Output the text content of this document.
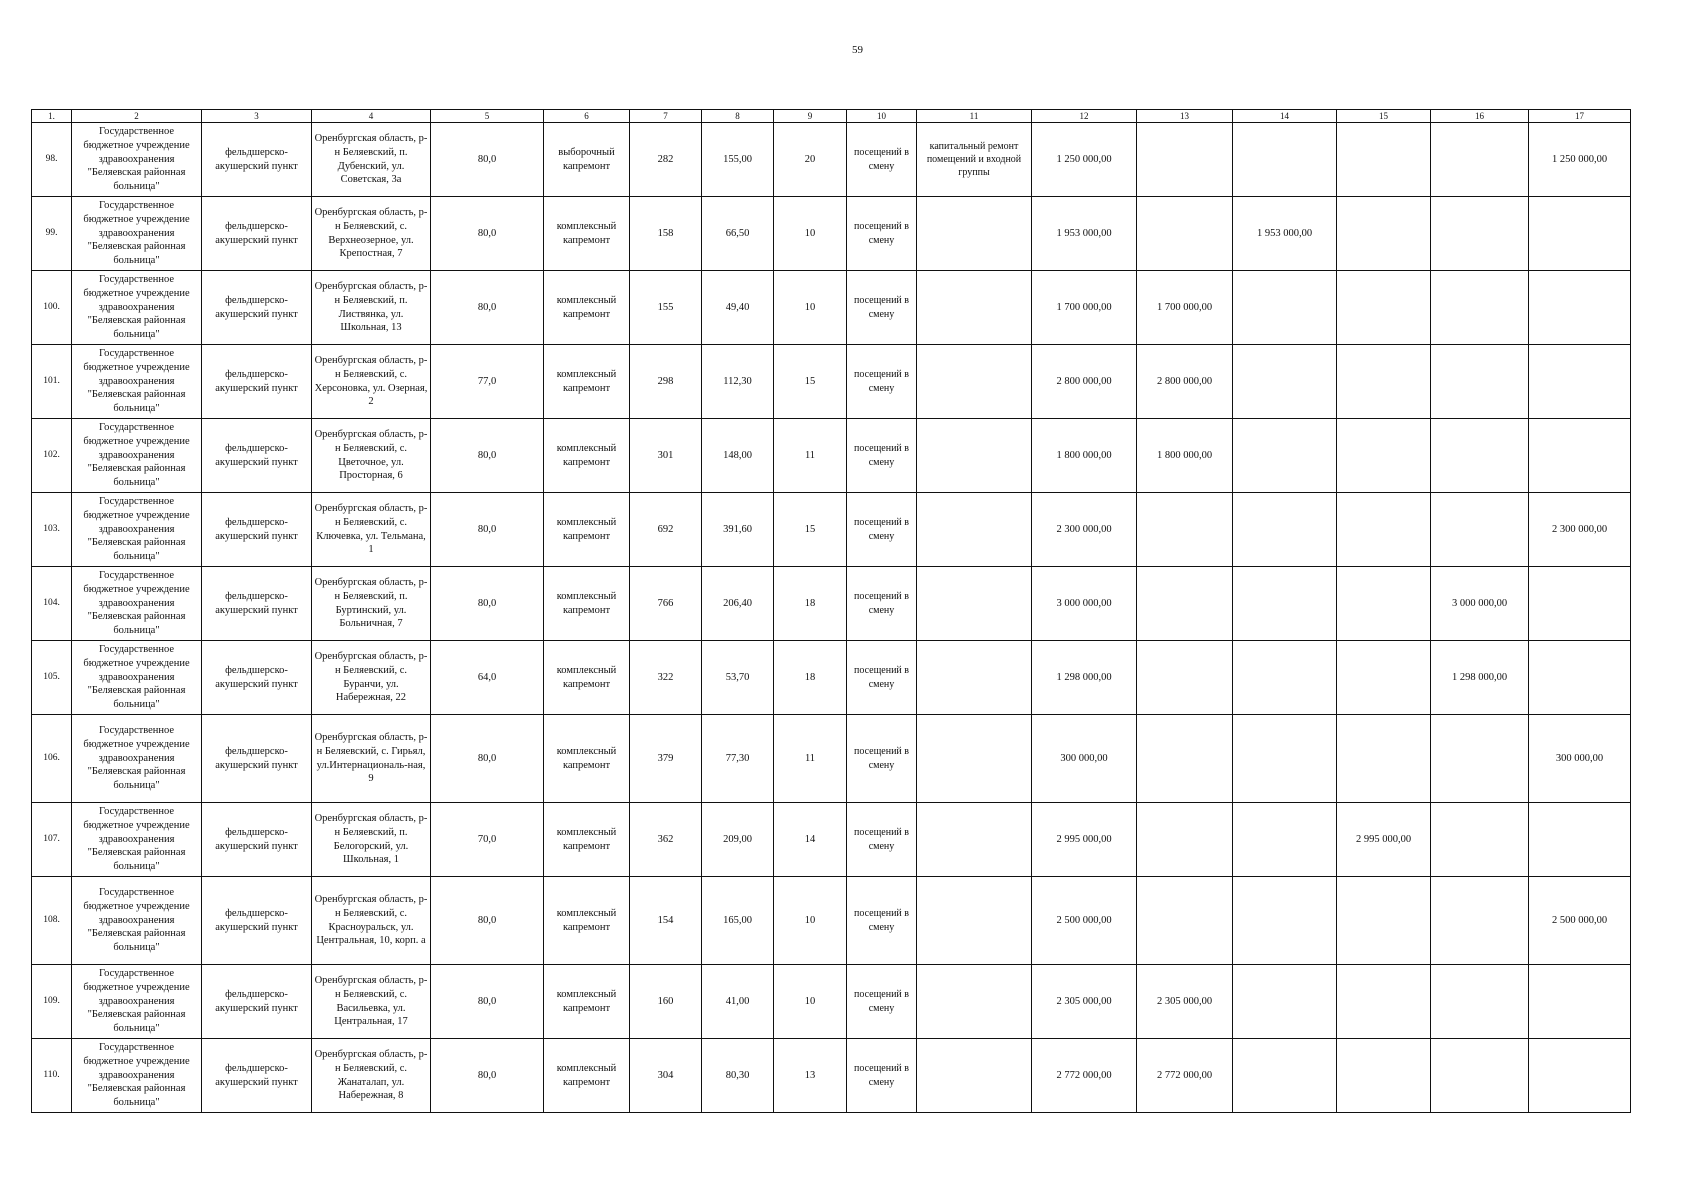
59
1.	2	3	4	5	6	7	8	9	10	11	12	13	14	15	16	17
98.	Государственное бюджетное учреждение здравоохранения "Беляевская районная больница"	фельдшерско-акушерский пункт	Оренбургская область, р-н Беляевский, п. Дубенский, ул. Советская, 3а	80,0	выборочный капремонт	282	155,00	20	посещений в смену	капитальный ремонт помещений и входной группы	1 250 000,00					1 250 000,00
99.	Государственное бюджетное учреждение здравоохранения "Беляевская районная больница"	фельдшерско-акушерский пункт	Оренбургская область, р-н Беляевский, с. Верхнеозерное, ул. Крепостная, 7	80,0	комплексный капремонт	158	66,50	10	посещений в смену		1 953 000,00		1 953 000,00			
100.	Государственное бюджетное учреждение здравоохранения "Беляевская районная больница"	фельдшерско-акушерский пункт	Оренбургская область, р-н Беляевский, п. Листвянка, ул. Школьная, 13	80,0	комплексный капремонт	155	49,40	10	посещений в смену		1 700 000,00	1 700 000,00				
101.	Государственное бюджетное учреждение здравоохранения "Беляевская районная больница"	фельдшерско-акушерский пункт	Оренбургская область, р-н Беляевский, с. Херсоновка, ул. Озерная, 2	77,0	комплексный капремонт	298	112,30	15	посещений в смену		2 800 000,00	2 800 000,00				
102.	Государственное бюджетное учреждение здравоохранения "Беляевская районная больница"	фельдшерско-акушерский пункт	Оренбургская область, р-н Беляевский, с. Цветочное, ул. Просторная, 6	80,0	комплексный капремонт	301	148,00	11	посещений в смену		1 800 000,00	1 800 000,00				
103.	Государственное бюджетное учреждение здравоохранения "Беляевская районная больница"	фельдшерско-акушерский пункт	Оренбургская область, р-н Беляевский, с. Ключевка, ул. Тельмана, 1	80,0	комплексный капремонт	692	391,60	15	посещений в смену		2 300 000,00					2 300 000,00
104.	Государственное бюджетное учреждение здравоохранения "Беляевская районная больница"	фельдшерско-акушерский пункт	Оренбургская область, р-н Беляевский, п. Буртинский, ул. Больничная, 7	80,0	комплексный капремонт	766	206,40	18	посещений в смену		3 000 000,00				3 000 000,00	
105.	Государственное бюджетное учреждение здравоохранения "Беляевская районная больница"	фельдшерско-акушерский пункт	Оренбургская область, р-н Беляевский, с. Буранчи, ул. Набережная, 22	64,0	комплексный капремонт	322	53,70	18	посещений в смену		1 298 000,00				1 298 000,00	
106.	Государственное бюджетное учреждение здравоохранения "Беляевская районная больница"	фельдшерско-акушерский пункт	Оренбургская область, р-н Беляевский, с. Гирьял, ул.Интернациональ-ная, 9	80,0	комплексный капремонт	379	77,30	11	посещений в смену		300 000,00					300 000,00
107.	Государственное бюджетное учреждение здравоохранения "Беляевская районная больница"	фельдшерско-акушерский пункт	Оренбургская область, р-н Беляевский, п. Белогорский, ул. Школьная, 1	70,0	комплексный капремонт	362	209,00	14	посещений в смену		2 995 000,00			2 995 000,00		
108.	Государственное бюджетное учреждение здравоохранения "Беляевская районная больница"	фельдшерско-акушерский пункт	Оренбургская область, р-н Беляевский, с. Красноуральск, ул. Центральная, 10, корп. а	80,0	комплексный капремонт	154	165,00	10	посещений в смену		2 500 000,00					2 500 000,00
109.	Государственное бюджетное учреждение здравоохранения "Беляевская районная больница"	фельдшерско-акушерский пункт	Оренбургская область, р-н Беляевский, с. Васильевка, ул. Центральная, 17	80,0	комплексный капремонт	160	41,00	10	посещений в смену		2 305 000,00	2 305 000,00				
110.	Государственное бюджетное учреждение здравоохранения "Беляевская районная больница"	фельдшерско-акушерский пункт	Оренбургская область, р-н Беляевский, с. Жанаталап, ул. Набережная, 8	80,0	комплексный капремонт	304	80,30	13	посещений в смену		2 772 000,00	2 772 000,00				
